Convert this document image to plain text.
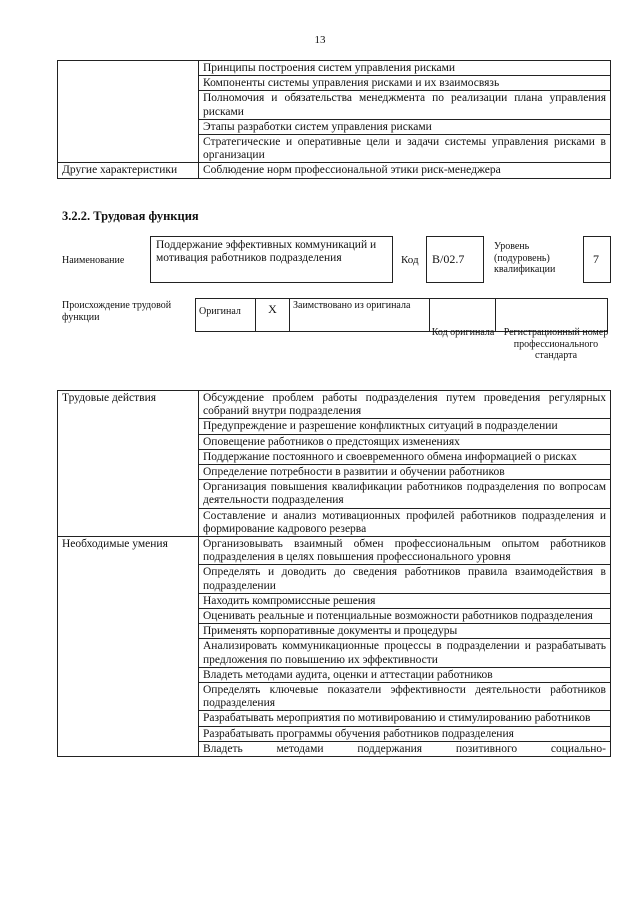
13
	Принципы построения систем управления рисками
	Компоненты системы управления рисками и их взаимосвязь
	Полномочия и обязательства менеджмента по реализации плана управления рисками
	Этапы разработки систем управления рисками
	Стратегические и оперативные цели и задачи системы управления рисками в организации
Другие характеристики	Соблюдение норм профессиональной этики риск-менеджера
3.2.2. Трудовая функция
Наименование
Поддержание эффективных коммуникаций и мотивация работников подразделения	Код B/02.7
Уровень (подуровень) квалификации
7
Происхождение трудовой функции	Оригинал	X	Заимствовано из оригинала		
Код оригинала Регистрационный номер профессионального стандарта
Трудовые действия	Обсуждение проблем работы подразделения путем проведения регулярных собраний внутри подразделения
	Предупреждение и разрешение конфликтных ситуаций в подразделении
	Оповещение работников о предстоящих изменениях
	Поддержание постоянного и своевременного обмена информацией о рисках
	Определение потребности в развитии и обучении работников
	Организация повышения квалификации работников подразделения по вопросам деятельности подразделения
	Составление и анализ мотивационных профилей работников подразделения и формирование кадрового резерва
Необходимые умения	Организовывать взаимный обмен профессиональным опытом работников подразделения в целях повышения профессионального уровня
	Определять и доводить до сведения работников правила взаимодействия в подразделении
	Находить компромиссные решения
	Оценивать реальные и потенциальные возможности работников подразделения
	Применять корпоративные документы и процедуры
	Анализировать коммуникационные процессы в подразделении и разрабатывать предложения по повышению их эффективности
	Владеть методами аудита, оценки и аттестации работников
	Определять ключевые показатели эффективности деятельности работников подразделения
	Разрабатывать мероприятия по мотивированию и стимулированию работников
	Разрабатывать программы обучения работников подразделения
	Владеть методами поддержания позитивного социально-
